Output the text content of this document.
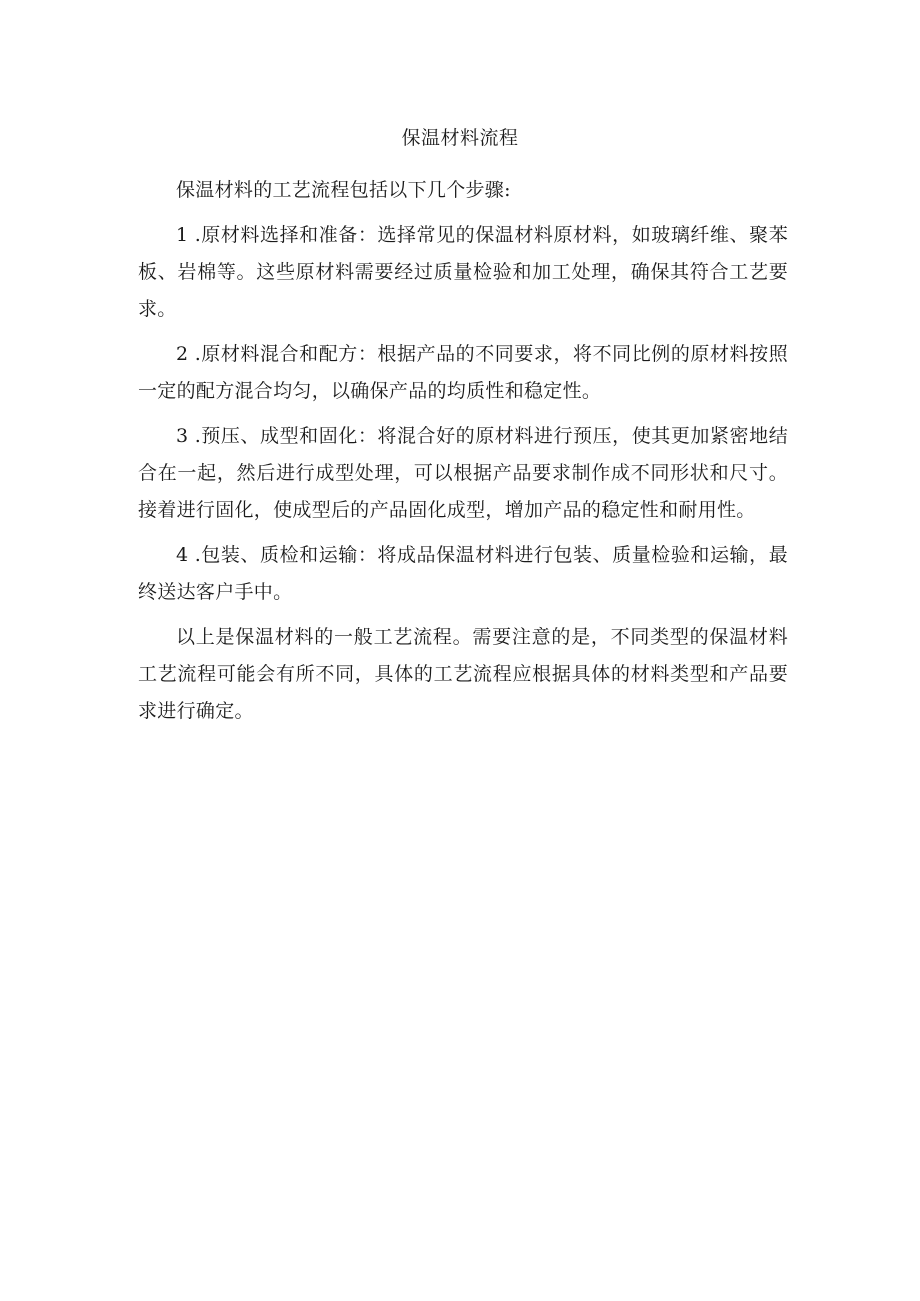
保温材料流程

保温材料的工艺流程包括以下几个步骤:

1 .原材料选择和准备：选择常见的保温材料原材料，如玻璃纤维、聚苯板、岩棉等。这些原材料需要经过质量检验和加工处理，确保其符合工艺要求。

2 .原材料混合和配方：根据产品的不同要求，将不同比例的原材料按照一定的配方混合均匀，以确保产品的均质性和稳定性。

3 .预压、成型和固化：将混合好的原材料进行预压，使其更加紧密地结合在一起，然后进行成型处理，可以根据产品要求制作成不同形状和尺寸。接着进行固化，使成型后的产品固化成型，增加产品的稳定性和耐用性。

4 .包装、质检和运输：将成品保温材料进行包装、质量检验和运输，最终送达客户手中。

以上是保温材料的一般工艺流程。需要注意的是，不同类型的保温材料工艺流程可能会有所不同，具体的工艺流程应根据具体的材料类型和产品要求进行确定。
